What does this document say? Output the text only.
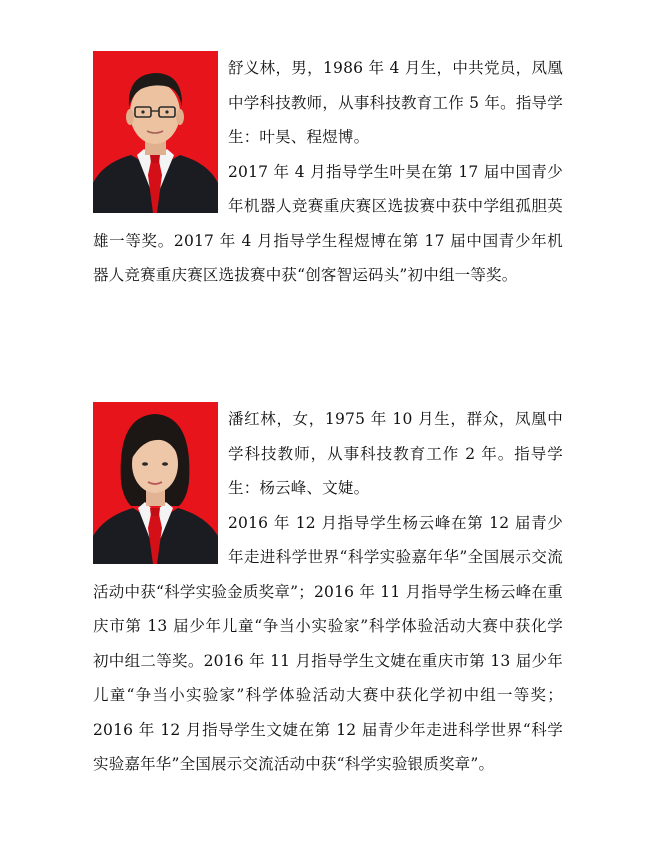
舒义林，男，1986 年 4 月生，中共党员，凤凰中学科技教师，从事科技教育工作 5 年。指导学生：叶昊、程煜博。

2017 年 4 月指导学生叶昊在第 17 届中国青少年机器人竞赛重庆赛区选拔赛中获中学组孤胆英雄一等奖。2017 年 4 月指导学生程煜博在第 17 届中国青少年机器人竞赛重庆赛区选拔赛中获“创客智运码头”初中组一等奖。

潘红林，女，1975 年 10 月生，群众，凤凰中学科技教师，从事科技教育工作 2 年。指导学生：杨云峰、文婕。

2016 年 12 月指导学生杨云峰在第 12 届青少年走进科学世界“科学实验嘉年华”全国展示交流活动中获“科学实验金质奖章”；2016 年 11 月指导学生杨云峰在重庆市第 13 届少年儿童“争当小实验家”科学体验活动大赛中获化学初中组二等奖。2016 年 11 月指导学生文婕在重庆市第 13 届少年儿童“争当小实验家”科学体验活动大赛中获化学初中组一等奖；2016 年 12 月指导学生文婕在第 12 届青少年走进科学世界“科学实验嘉年华”全国展示交流活动中获“科学实验银质奖章”。
